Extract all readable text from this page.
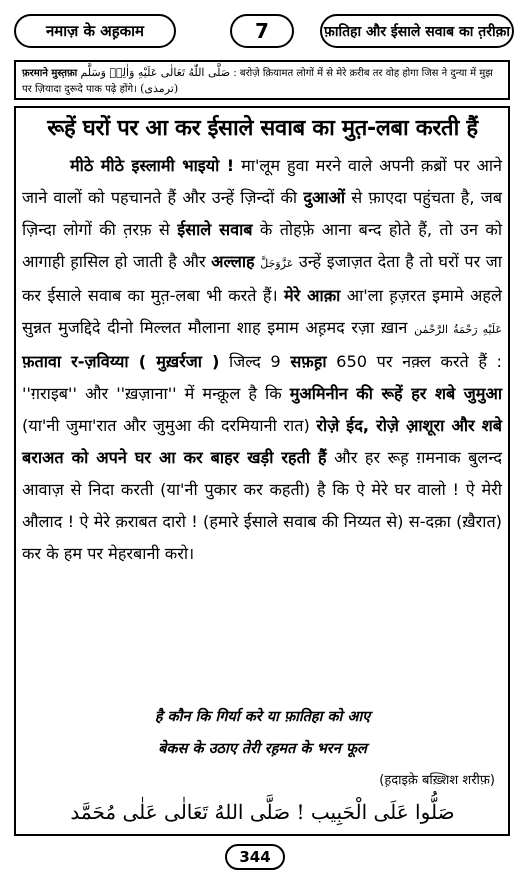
नमाज़ के अह़काम	7	फ़ातिहा और ईसाले सवाब का त़रीक़ा
फ़रमाने मुस्त़फ़ा صَلَّی اللّٰهُ تَعَالٰی عَلَیْهِ وَاٰلِهٖ وَسَلَّم : बरोज़े क़ियामत लोगों में से मेरे क़रीब तर वोह होगा जिस ने दुन्या में मुझ पर ज़ियादा दुरूदे पाक पढ़े होंगे। (ترمذی)
रूहें घरों पर आ कर ईसाले सवाब का मुत़-लबा करती हैं

मीठे मीठे इस्लामी भाइयो ! मा'लूम हुवा मरने वाले अपनी क़ब्रों पर आने जाने वालों को पहचानते हैं और उन्हें ज़िन्दों की दुआओं से फ़ाएदा पहुंचता है, जब ज़िन्दा लोगों की त़रफ़ से ईसाले सवाब के तोहफ़े आना बन्द होते हैं, तो उन को आगाही ह़ासिल हो जाती है और अल्लाह عَزَّوَجَلَّ उन्हें इजाज़त देता है तो घरों पर जा कर ईसाले सवाब का मुत़-लबा भी करते हैं। मेरे आक़ा आ'ला ह़ज़रत इमामे अहले सुन्नत मुजद्दिदे दीनो मिल्लत मौलाना शाह इमाम अह़मद रज़ा ख़ान عَلَیْهِ رَحْمَةُ الرَّحْمٰن फ़तावा र-ज़विय्या ( मुख़र्रजा ) जिल्द 9 सफ़ह़ा 650 पर नक़्ल करते हैं : ''ग़राइब'' और ''ख़ज़ाना'' में मन्क़ूल है कि मुअमिनीन की रूहें हर शबे जुमुआ (या'नी जुमा'रात और जुमुआ की दरमियानी रात) रोज़े ईद, रोज़े आ़शूरा और शबे बराअत को अपने घर आ कर बाहर खड़ी रहती हैं और हर रूह़ ग़मनाक बुलन्द आवाज़ से निदा करती (या'नी पुकार कर कहती) है कि ऐ मेरे घर वालो ! ऐ मेरी औलाद ! ऐ मेरे क़राबत दारो ! (हमारे ईसाले सवाब की निय्यत से) स-दक़ा (ख़ैरात) कर के हम पर मेहरबानी करो।

है कौन कि गिर्या करे या फ़ातिहा को आए
बेकस के उठाए तेरी रह़मत के भरन फूल
(ह़दाइक़े बख़्शिश शरीफ़)
صَلُّوا عَلَى الْحَبِيب ! صَلَّى اللهُ تَعَالٰى عَلٰى مُحَمَّد
344
